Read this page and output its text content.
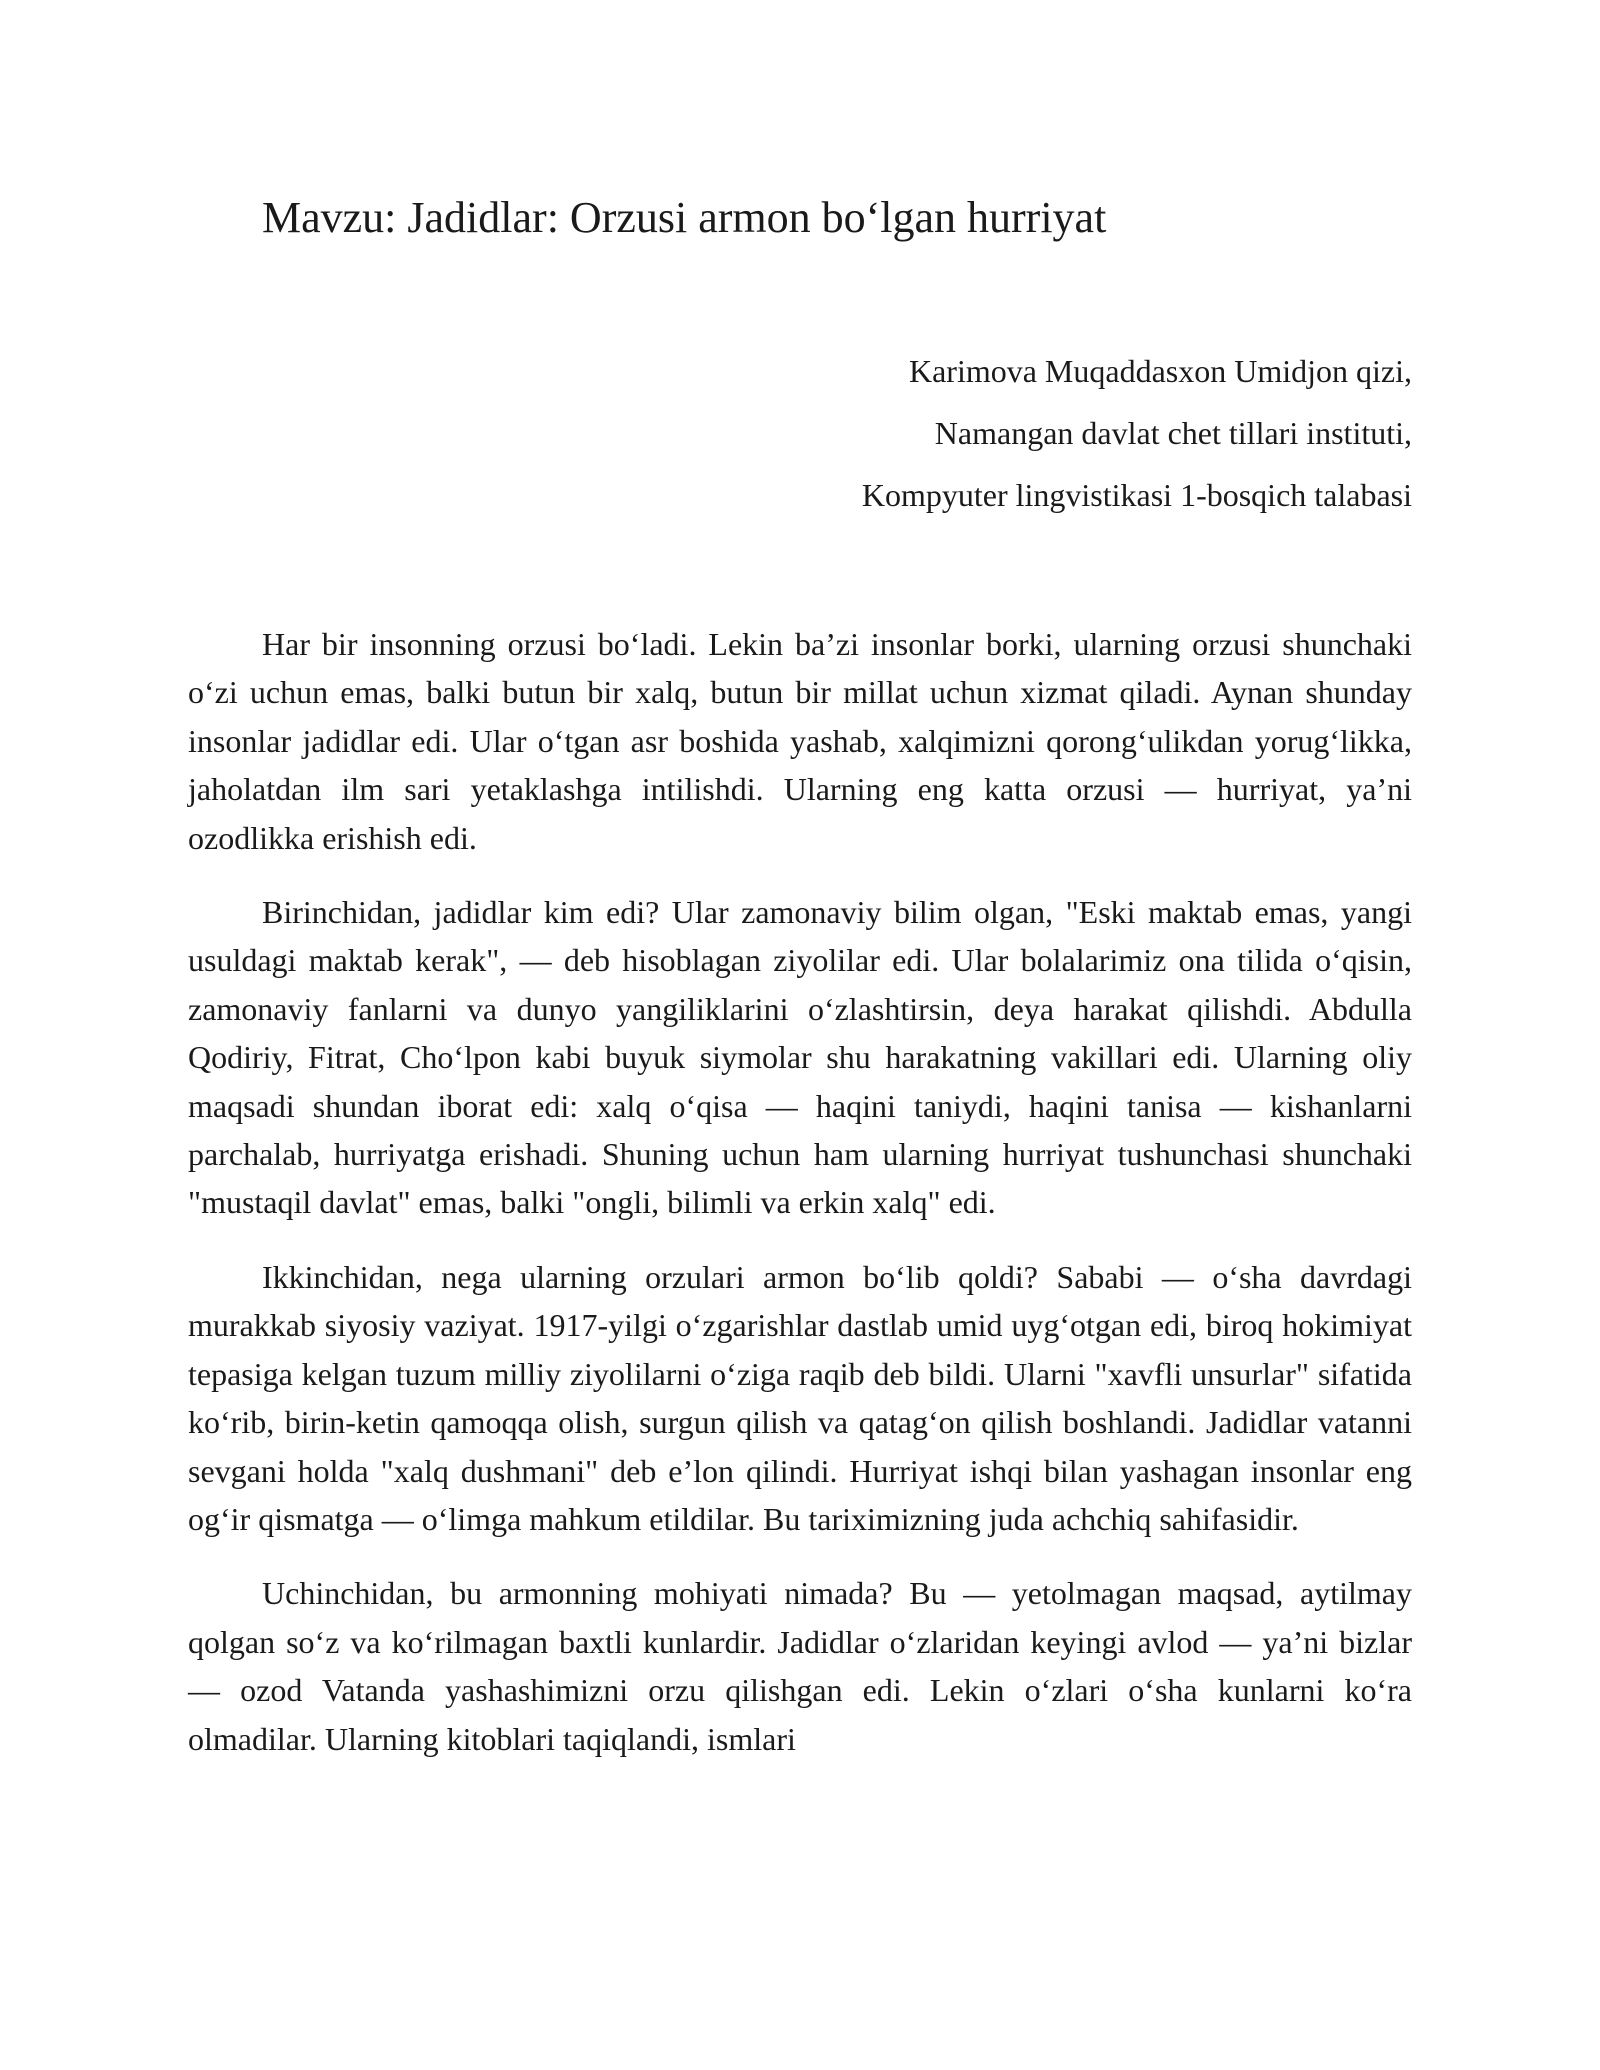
Mavzu: Jadidlar: Orzusi armon bo‘lgan hurriyat
Karimova Muqaddasxon Umidjon qizi,
Namangan davlat chet tillari instituti,
Kompyuter lingvistikasi 1-bosqich talabasi

Har bir insonning orzusi bo‘ladi. Lekin ba’zi insonlar borki, ularning orzusi shunchaki o‘zi uchun emas, balki butun bir xalq, butun bir millat uchun xizmat qiladi. Aynan shunday insonlar jadidlar edi. Ular o‘tgan asr boshida yashab, xalqimizni qorong‘ulikdan yorug‘likka, jaholatdan ilm sari yetaklashga intilishdi. Ularning eng katta orzusi — hurriyat, ya’ni ozodlikka erishish edi.

Birinchidan, jadidlar kim edi? Ular zamonaviy bilim olgan, "Eski maktab emas, yangi usuldagi maktab kerak", — deb hisoblagan ziyolilar edi. Ular bolalarimiz ona tilida o‘qisin, zamonaviy fanlarni va dunyo yangiliklarini o‘zlashtirsin, deya harakat qilishdi. Abdulla Qodiriy, Fitrat, Cho‘lpon kabi buyuk siymolar shu harakatning vakillari edi. Ularning oliy maqsadi shundan iborat edi: xalq o‘qisa — haqini taniydi, haqini tanisa — kishanlarni parchalab, hurriyatga erishadi. Shuning uchun ham ularning hurriyat tushunchasi shunchaki "mustaqil davlat" emas, balki "ongli, bilimli va erkin xalq" edi.

Ikkinchidan, nega ularning orzulari armon bo‘lib qoldi? Sababi — o‘sha davrdagi murakkab siyosiy vaziyat. 1917-yilgi o‘zgarishlar dastlab umid uyg‘otgan edi, biroq hokimiyat tepasiga kelgan tuzum milliy ziyolilarni o‘ziga raqib deb bildi. Ularni "xavfli unsurlar" sifatida ko‘rib, birin-ketin qamoqqa olish, surgun qilish va qatag‘on qilish boshlandi. Jadidlar vatanni sevgani holda "xalq dushmani" deb e’lon qilindi. Hurriyat ishqi bilan yashagan insonlar eng og‘ir qismatga — o‘limga mahkum etildilar. Bu tariximizning juda achchiq sahifasidir.

Uchinchidan, bu armonning mohiyati nimada? Bu — yetolmagan maqsad, aytilmay qolgan so‘z va ko‘rilmagan baxtli kunlardir. Jadidlar o‘zlaridan keyingi avlod — ya’ni bizlar — ozod Vatanda yashashimizni orzu qilishgan edi. Lekin o‘zlari o‘sha kunlarni ko‘ra olmadilar. Ularning kitoblari taqiqlandi, ismlari
